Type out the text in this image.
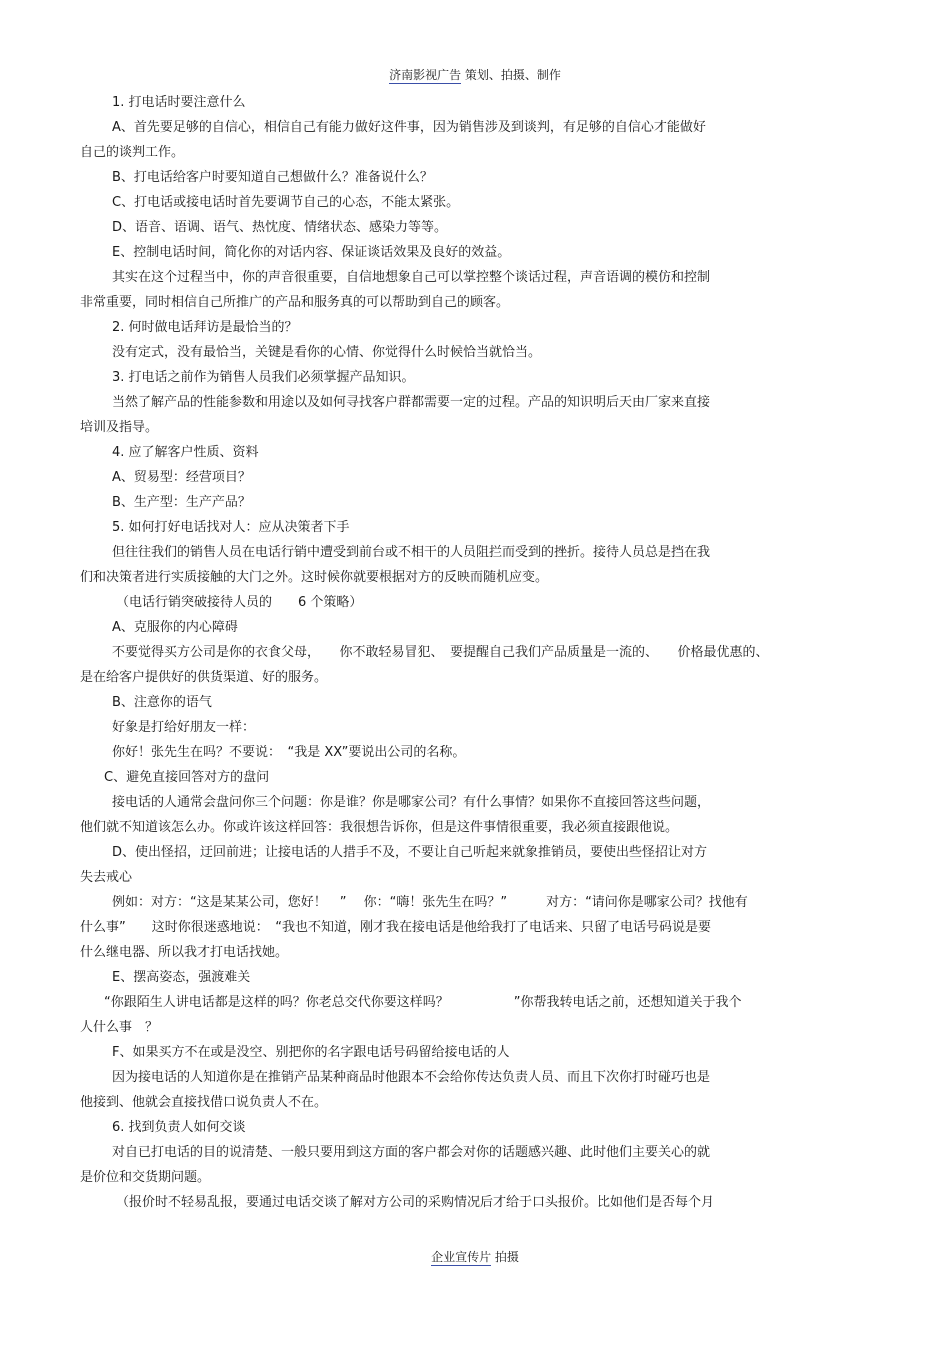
济南影视广告 策划、拍摄、制作

1. 打电话时要注意什么

A、首先要足够的自信心，相信自己有能力做好这件事，因为销售涉及到谈判，有足够的自信心才能做好

自己的谈判工作。

B、打电话给客户时要知道自己想做什么？准备说什么？

C、打电话或接电话时首先要调节自己的心态，不能太紧张。

D、语音、语调、语气、热忱度、情绪状态、感染力等等。

E、控制电话时间，简化你的对话内容、保证谈话效果及良好的效益。

其实在这个过程当中，你的声音很重要，自信地想象自己可以掌控整个谈话过程，声音语调的模仿和控制

非常重要，同时相信自己所推广的产品和服务真的可以帮助到自己的顾客。

2. 何时做电话拜访是最恰当的？

没有定式，没有最恰当，关键是看你的心情、你觉得什么时候恰当就恰当。

3. 打电话之前作为销售人员我们必须掌握产品知识。

当然了解产品的性能参数和用途以及如何寻找客户群都需要一定的过程。产品的知识明后天由厂家来直接

培训及指导。

4. 应了解客户性质、资料

A、贸易型：经营项目？

B、生产型：生产产品？

5. 如何打好电话找对人：应从决策者下手

但往往我们的销售人员在电话行销中遭受到前台或不相干的人员阻拦而受到的挫折。接待人员总是挡在我

们和决策者进行实质接触的大门之外。这时候你就要根据对方的反映而随机应变。

（电话行销突破接待人员的　　6 个策略）

A、克服你的内心障碍

不要觉得买方公司是你的衣食父母，　　你不敢轻易冒犯、　要提醒自己我们产品质量是一流的、　　价格最优惠的、

是在给客户提供好的供货渠道、好的服务。

B、注意你的语气

好象是打给好朋友一样：

你好！张先生在吗？不要说：　“我是 XX”要说出公司的名称。

C、避免直接回答对方的盘问

接电话的人通常会盘问你三个问题：你是谁？你是哪家公司？有什么事情？如果你不直接回答这些问题，

他们就不知道该怎么办。你或许该这样回答：我很想告诉你，但是这件事情很重要，我必须直接跟他说。

D、使出怪招，迂回前进；让接电话的人措手不及，不要让自己听起来就象推销员，要使出些怪招让对方

失去戒心

例如：对方：“这是某某公司，您好！　” 　你：“嗨！张先生在吗？”　　　对方：“请问你是哪家公司？找他有

什么事”　　这时你很迷惑地说：　“我也不知道，刚才我在接电话是他给我打了电话来、只留了电话号码说是要

什么继电器、所以我才打电话找她。

E、摆高姿态，强渡难关

“你跟陌生人讲电话都是这样的吗？你老总交代你要这样吗？　　　　　”你帮我转电话之前，还想知道关于我个

人什么事　？

F、如果买方不在或是没空、别把你的名字跟电话号码留给接电话的人

因为接电话的人知道你是在推销产品某种商品时他跟本不会给你传达负责人员、而且下次你打时碰巧也是

他接到、他就会直接找借口说负责人不在。

6. 找到负责人如何交谈

对自已打电话的目的说清楚、一般只要用到这方面的客户都会对你的话题感兴趣、此时他们主要关心的就

是价位和交货期问题。

（报价时不轻易乱报，要通过电话交谈了解对方公司的采购情况后才给于口头报价。比如他们是否每个月

企业宣传片 拍摄
